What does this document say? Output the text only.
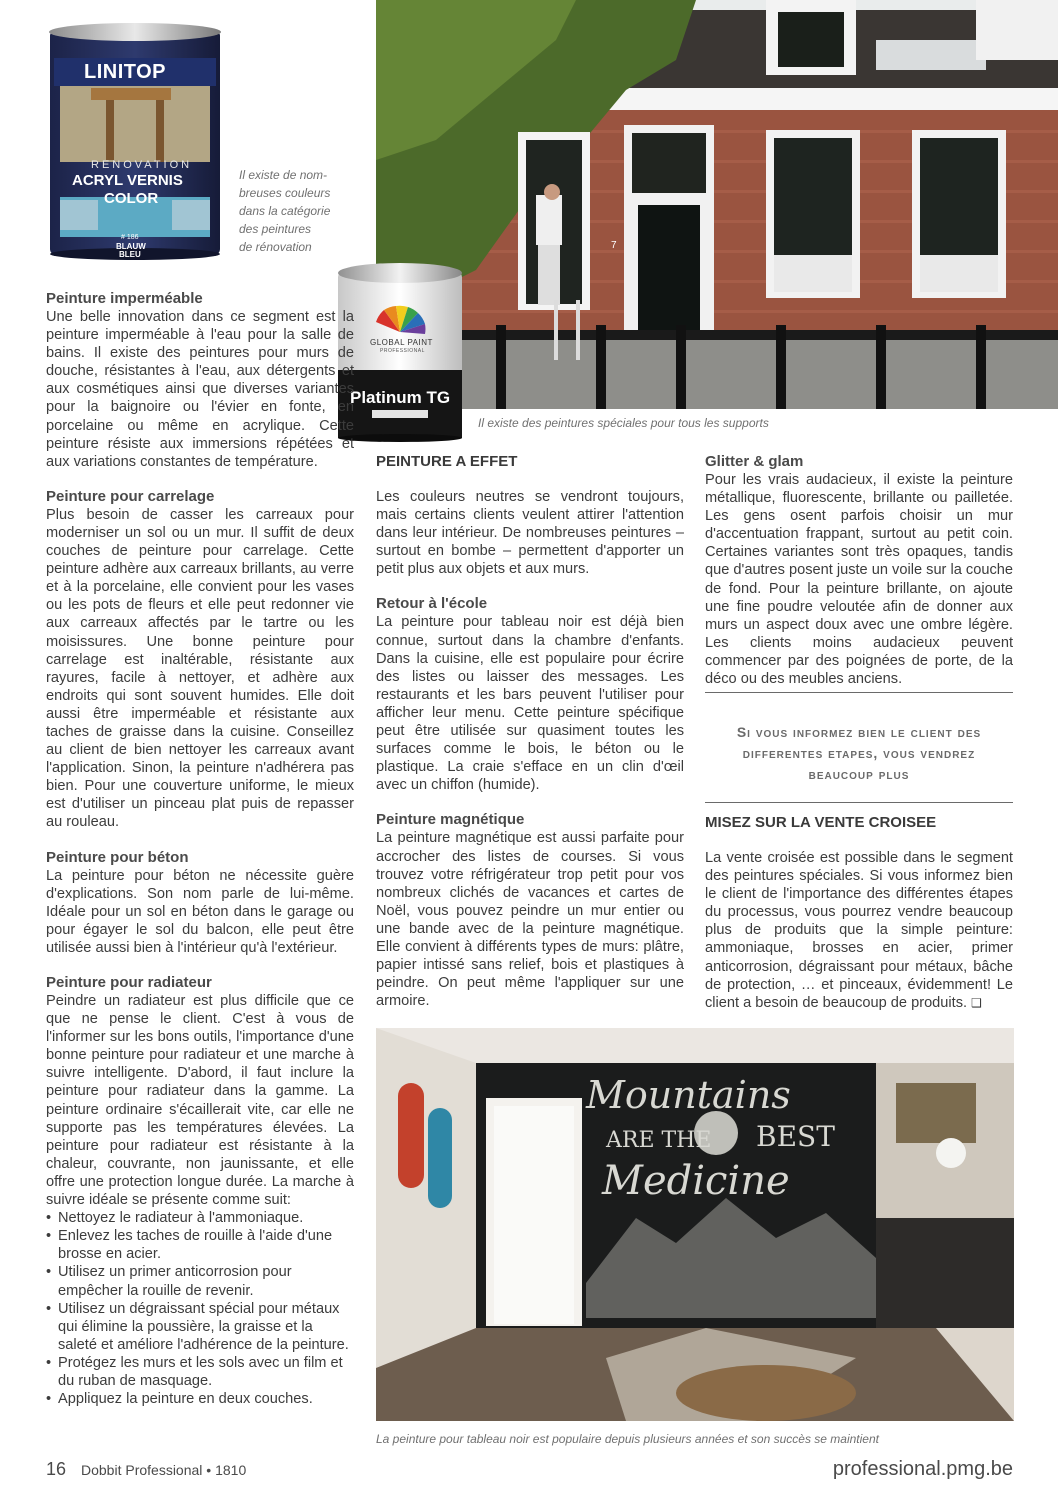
LINITOP
RENOVATION
ACRYL VERNIS
COLOR
# 186
BLAUW
BLEU
Il existe de nom-
breuses couleurs
dans la catégorie
des peintures
de rénovation	7
GLOBAL PAINT
PROFESSIONAL
Platinum TG
Il existe des peintures spéciales pour tous les supports
Peinture imperméable

Une belle innovation dans ce segment est la peinture imperméable à l'eau pour la salle de bains. Il existe des peintures pour murs de douche, résistantes à l'eau, aux détergents et aux cosmétiques ainsi que diverses variantes pour la baignoire ou l'évier en fonte, en porcelaine ou même en acrylique. Cette peinture résiste aux immersions répétées et aux variations constantes de température.

Peinture pour carrelage

Plus besoin de casser les carreaux pour moderniser un sol ou un mur. Il suffit de deux couches de peinture pour carrelage. Cette peinture adhère aux carreaux brillants, au verre et à la porcelaine, elle convient pour les vases ou les pots de fleurs et elle peut redonner vie aux carreaux affectés par le tartre ou les moisissures. Une bonne peinture pour carrelage est inaltérable, résistante aux rayures, facile à nettoyer, et adhère aux endroits qui sont souvent humides. Elle doit aussi être imperméable et résistante aux taches de graisse dans la cuisine. Conseillez au client de bien nettoyer les carreaux avant l'application. Sinon, la peinture n'adhérera pas bien. Pour une couverture uniforme, le mieux est d'utiliser un pinceau plat puis de repasser au rouleau.

Peinture pour béton

La peinture pour béton ne nécessite guère d'explications. Son nom parle de lui-même. Idéale pour un sol en béton dans le garage ou pour égayer le sol du balcon, elle peut être utilisée aussi bien à l'intérieur qu'à l'extérieur.

Peinture pour radiateur

Peindre un radiateur est plus difficile que ce que ne pense le client. C'est à vous de l'informer sur les bons outils, l'importance d'une bonne peinture pour radiateur et une marche à suivre intelligente. D'abord, il faut inclure la peinture pour radiateur dans la gamme. La peinture ordinaire s'écaillerait vite, car elle ne supporte pas les températures élevées. La peinture pour radiateur est résistante à la chaleur, couvrante, non jaunissante, et elle offre une protection longue durée. La marche à suivre idéale se présente comme suit:

• Nettoyez le radiateur à l'ammoniaque.
• Enlevez les taches de rouille à l'aide d'une brosse en acier.
• Utilisez un primer anticorrosion pour empêcher la rouille de revenir.
• Utilisez un dégraissant spécial pour métaux qui élimine la poussière, la graisse et la saleté et améliore l'adhérence de la peinture.
• Protégez les murs et les sols avec un film et du ruban de masquage.
• Appliquez la peinture en deux couches.
PEINTURE A EFFET

Les couleurs neutres se vendront toujours, mais certains clients veulent attirer l'attention dans leur intérieur. De nombreuses peintures – surtout en bombe – permettent d'apporter un petit plus aux objets et aux murs.

Retour à l'école

La peinture pour tableau noir est déjà bien connue, surtout dans la chambre d'enfants. Dans la cuisine, elle est populaire pour écrire des listes ou laisser des messages. Les restaurants et les bars peuvent l'utiliser pour afficher leur menu. Cette peinture spécifique peut être utilisée sur quasiment toutes les surfaces comme le bois, le béton ou le plastique. La craie s'efface en un clin d'œil avec un chiffon (humide).

Peinture magnétique

La peinture magnétique est aussi parfaite pour accrocher des listes de courses. Si vous trouvez votre réfrigérateur trop petit pour vos nombreux clichés de vacances et cartes de Noël, vous pouvez peindre un mur entier ou une bande avec de la peinture magnétique. Elle convient à différents types de murs: plâtre, papier intissé sans relief, bois et plastiques à peindre. On peut même l'appliquer sur une armoire.

Glitter & glam

Pour les vrais audacieux, il existe la peinture métallique, fluorescente, brillante ou pailletée. Les gens osent parfois choisir un mur d'accentuation frappant, surtout au petit coin. Certaines variantes sont très opaques, tandis que d'autres posent juste un voile sur la couche de fond. Pour la peinture brillante, on ajoute une fine poudre veloutée afin de donner aux murs un aspect doux avec une ombre légère. Les clients moins audacieux peuvent commencer par des poignées de porte, de la déco ou des meubles anciens.

Si vous informez bien le client des
differentes etapes, vous vendrez
beaucoup plus
MISEZ SUR LA VENTE CROISEE

La vente croisée est possible dans le segment des peintures spéciales. Si vous informez bien le client de l'importance des différentes étapes du processus, vous pourrez vendre beaucoup plus de produits que la simple peinture: ammoniaque, brosses en acier, primer anticorrosion, dégraissant pour métaux, bâche de protection, … et pinceaux, évidemment! Le client a besoin de beaucoup de produits. ❑

Mountains
ARE THE BEST
Medicine
La peinture pour tableau noir est populaire depuis plusieurs années et son succès se maintient
16 Dobbit Professional • 1810	professional.pmg.be
